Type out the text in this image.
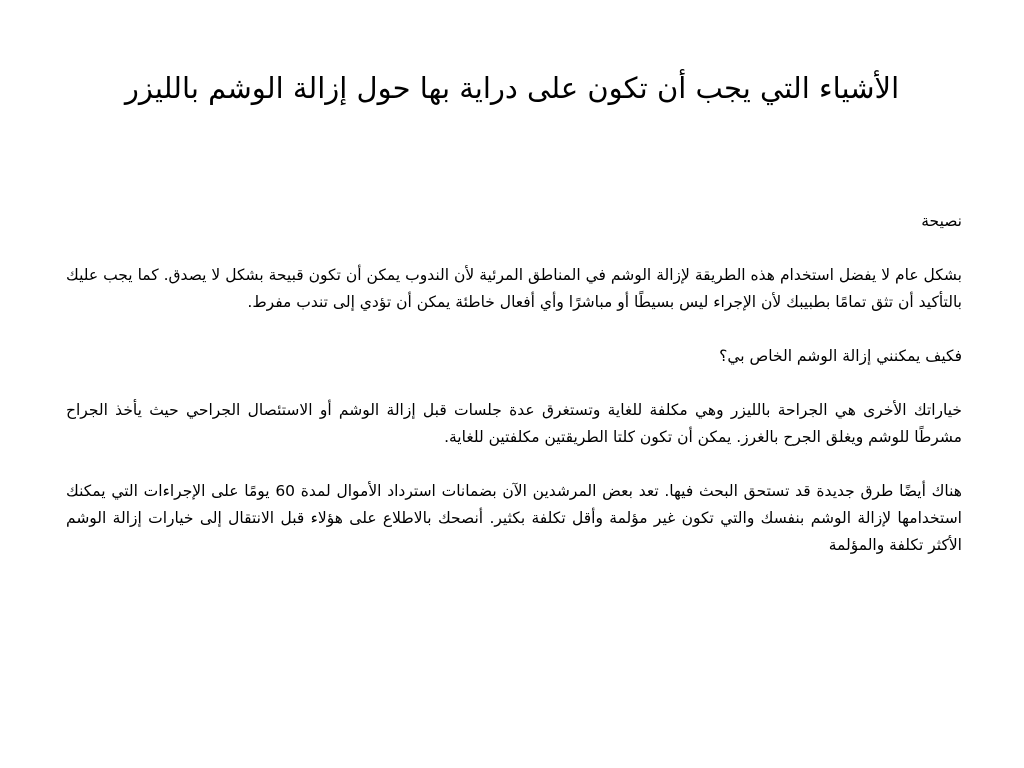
الأشياء التي يجب أن تكون على دراية بها حول إزالة الوشم بالليزر

نصيحة

بشكل عام لا يفضل استخدام هذه الطريقة لإزالة الوشم في المناطق المرئية لأن الندوب يمكن أن تكون قبيحة بشكل لا يصدق. كما يجب عليك بالتأكيد أن تثق تمامًا بطبيبك لأن الإجراء ليس بسيطًا أو مباشرًا وأي أفعال خاطئة يمكن أن تؤدي إلى تندب مفرط.

فكيف يمكنني إزالة الوشم الخاص بي؟

خياراتك الأخرى هي الجراحة بالليزر وهي مكلفة للغاية وتستغرق عدة جلسات قبل إزالة الوشم أو الاستئصال الجراحي حيث يأخذ الجراح مشرطًا للوشم ويغلق الجرح بالغرز. يمكن أن تكون كلتا الطريقتين مكلفتين للغاية.

هناك أيضًا طرق جديدة قد تستحق البحث فيها. تعد بعض المرشدين الآن بضمانات استرداد الأموال لمدة 60 يومًا على الإجراءات التي يمكنك استخدامها لإزالة الوشم بنفسك والتي تكون غير مؤلمة وأقل تكلفة بكثير. أنصحك بالاطلاع على هؤلاء قبل الانتقال إلى خيارات إزالة الوشم الأكثر تكلفة والمؤلمة
